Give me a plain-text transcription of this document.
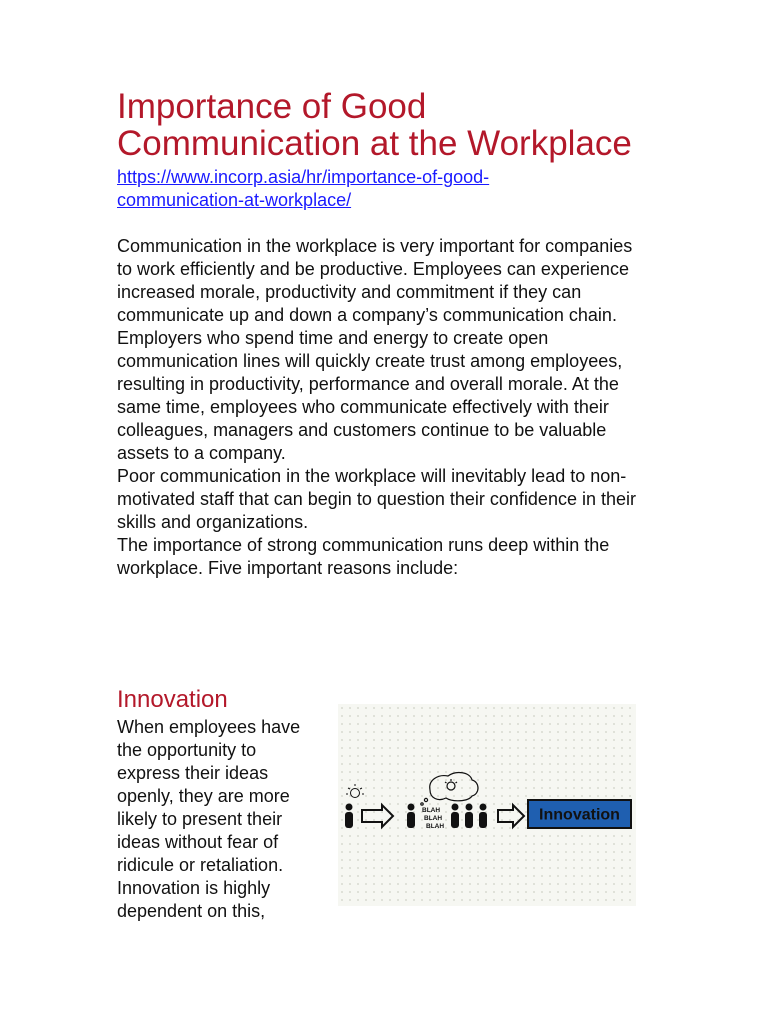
Importance of Good Communication at the Workplace
https://www.incorp.asia/hr/importance-of-good-communication-at-workplace/

Communication in the workplace is very important for companies to work efficiently and be productive. Employees can experience increased morale, productivity and commitment if they can communicate up and down a company’s communication chain. Employers who spend time and energy to create open communication lines will quickly create trust among employees, resulting in productivity, performance and overall morale. At the same time, employees who communicate effectively with their colleagues, managers and customers continue to be valuable assets to a company.

Poor communication in the workplace will inevitably lead to non-motivated staff that can begin to question their confidence in their skills and organizations.

The importance of strong communication runs deep within the workplace. Five important reasons include:

Innovation

When employees have the opportunity to express their ideas openly, they are more likely to present their ideas without fear of ridicule or retaliation. Innovation is highly dependent on this,

BLAH
BLAH
BLAH
Innovation
